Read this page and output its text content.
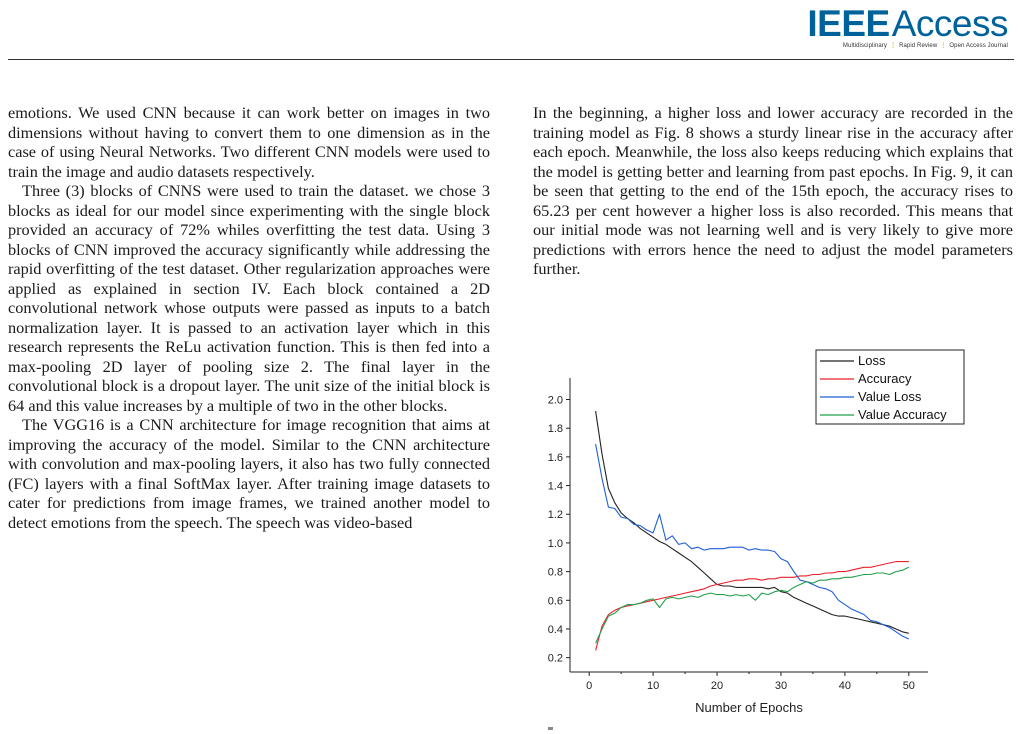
IEEEAccess
Multidisciplinary ⋮ Rapid Review ⋮ Open Access Journal

emotions. We used CNN because it can work better on images in two dimensions without having to convert them to one dimension as in the case of using Neural Networks. Two different CNN models were used to train the image and audio datasets respectively.

Three (3) blocks of CNNS were used to train the dataset. we chose 3 blocks as ideal for our model since experimenting with the single block provided an accuracy of 72% whiles overfitting the test data. Using 3 blocks of CNN improved the accuracy significantly while addressing the rapid overfitting of the test dataset. Other regularization approaches were applied as explained in section IV. Each block contained a 2D convolutional network whose outputs were passed as inputs to a batch normalization layer. It is passed to an activation layer which in this research represents the ReLu activation function. This is then fed into a max-pooling 2D layer of pooling size 2. The final layer in the convolutional block is a dropout layer. The unit size of the initial block is 64 and this value increases by a multiple of two in the other blocks.

The VGG16 is a CNN architecture for image recognition that aims at improving the accuracy of the model. Similar to the CNN architecture with convolution and max-pooling layers, it also has two fully connected (FC) layers with a final SoftMax layer. After training image datasets to cater for predictions from image frames, we trained another model to detect emotions from the speech. The speech was video-based

In the beginning, a higher loss and lower accuracy are recorded in the training model as Fig. 8 shows a sturdy linear rise in the accuracy after each epoch. Meanwhile, the loss also keeps reducing which explains that the model is getting better and learning from past epochs. In Fig. 9, it can be seen that getting to the end of the 15th epoch, the accuracy rises to 65.23 per cent however a higher loss is also recorded. This means that our initial mode was not learning well and is very likely to give more predictions with errors hence the need to adjust the model parameters further.

0.2
0.4
0.6
0.8
1.0
1.2
1.4
1.6
1.8
2.0
0	10	20	30	40	50
Number of Epochs
Loss
Accuracy
Value Loss
Value Accuracy
